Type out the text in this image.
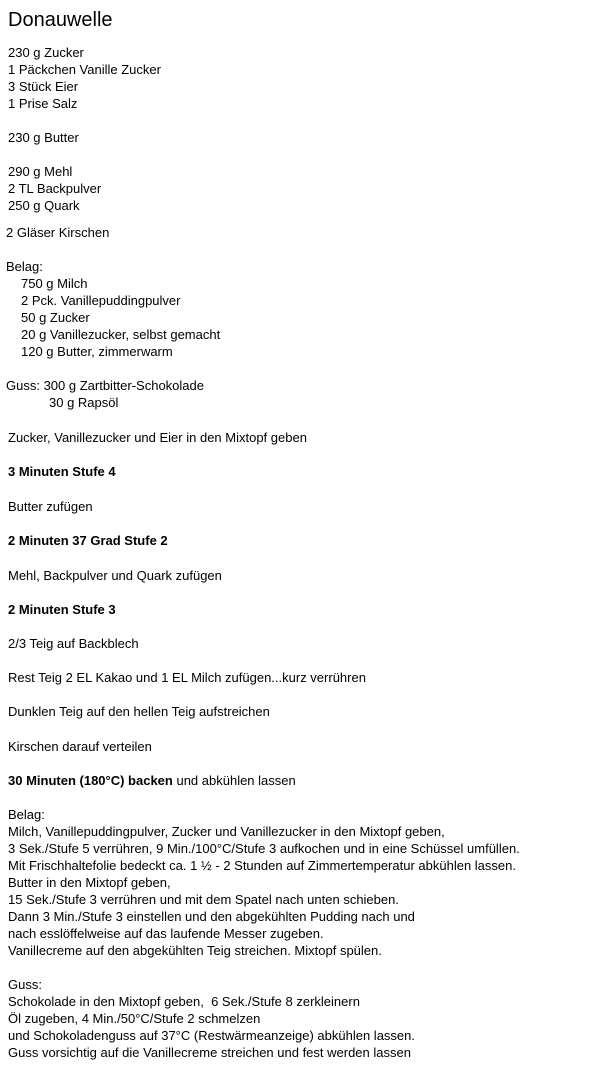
Donauwelle
230 g Zucker
1 Päckchen Vanille Zucker
3 Stück Eier
1 Prise Salz
230 g Butter
290 g Mehl
2 TL Backpulver
250 g Quark
2 Gläser Kirschen
Belag:
750 g Milch
2 Pck. Vanillepuddingpulver
50 g Zucker
20 g Vanillezucker, selbst gemacht
120 g Butter, zimmerwarm
Guss: 300 g Zartbitter-Schokolade
30 g Rapsöl
Zucker, Vanillezucker und Eier in den Mixtopf geben
3 Minuten Stufe 4
Butter zufügen
2 Minuten 37 Grad Stufe 2
Mehl, Backpulver und Quark zufügen
2 Minuten Stufe 3
2/3 Teig auf Backblech
Rest Teig 2 EL Kakao und 1 EL Milch zufügen...kurz verrühren
Dunklen Teig auf den hellen Teig aufstreichen
Kirschen darauf verteilen
30 Minuten (180°C) backen und abkühlen lassen
Belag:
Milch, Vanillepuddingpulver, Zucker und Vanillezucker in den Mixtopf geben,
3 Sek./Stufe 5 verrühren, 9 Min./100°C/Stufe 3 aufkochen und in eine Schüssel umfüllen.
Mit Frischhaltefolie bedeckt ca. 1 ½ - 2 Stunden auf Zimmertemperatur abkühlen lassen.
Butter in den Mixtopf geben,
15 Sek./Stufe 3 verrühren und mit dem Spatel nach unten schieben.
Dann 3 Min./Stufe 3 einstellen und den abgekühlten Pudding nach und
nach esslöffelweise auf das laufende Messer zugeben.
Vanillecreme auf den abgekühlten Teig streichen. Mixtopf spülen.
Guss:
Schokolade in den Mixtopf geben,  6 Sek./Stufe 8 zerkleinern
Öl zugeben, 4 Min./50°C/Stufe 2 schmelzen
und Schokoladenguss auf 37°C (Restwärmeanzeige) abkühlen lassen.
Guss vorsichtig auf die Vanillecreme streichen und fest werden lassen
